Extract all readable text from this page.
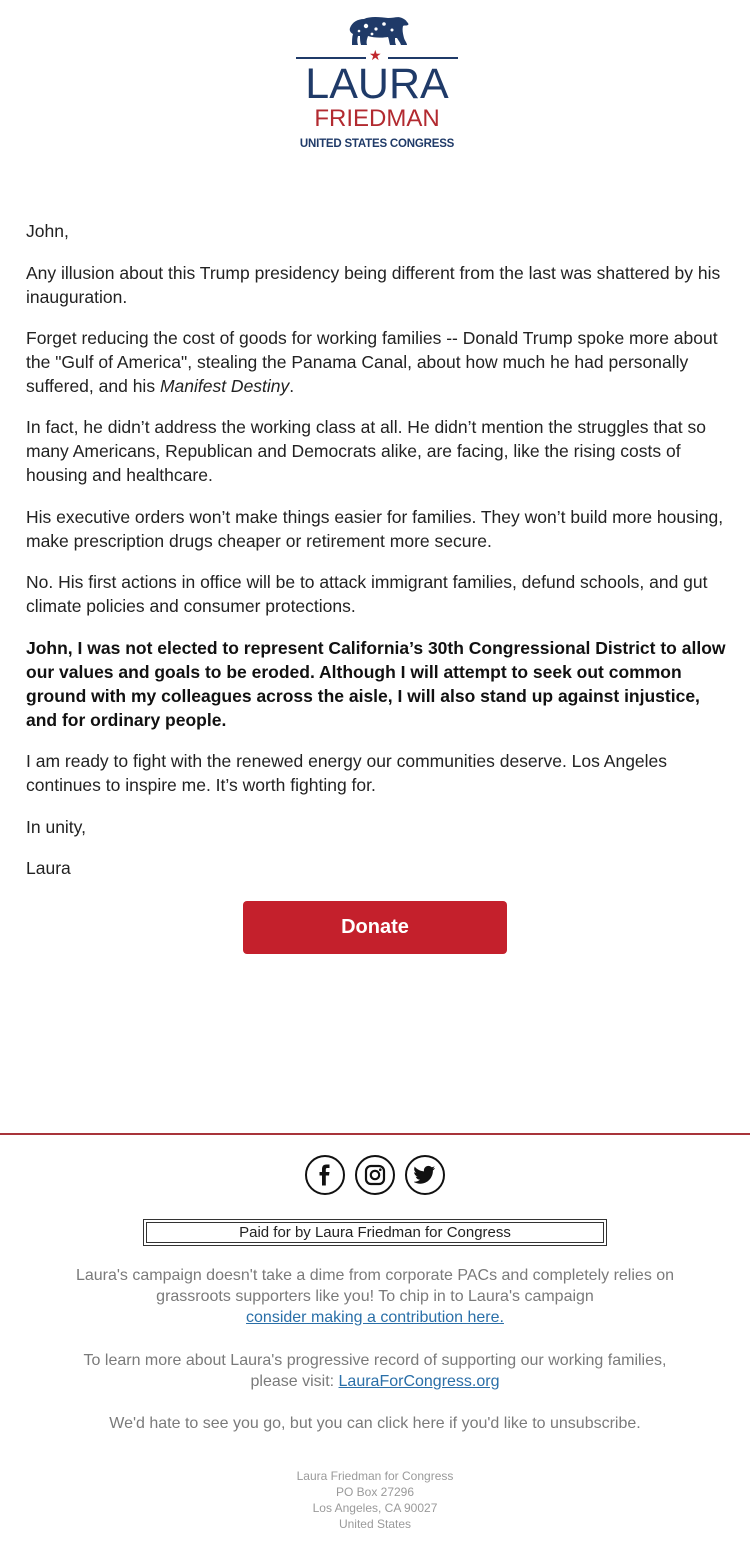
★
LAURA
FRIEDMAN
UNITED STATES CONGRESS
John,
Any illusion about this Trump presidency being different from the last was shattered by his inauguration.
Forget reducing the cost of goods for working families -- Donald Trump spoke more about the "Gulf of America", stealing the Panama Canal, about how much he had personally suffered, and his Manifest Destiny.
In fact, he didn’t address the working class at all. He didn’t mention the struggles that so many Americans, Republican and Democrats alike, are facing, like the rising costs of housing and healthcare.
His executive orders won’t make things easier for families. They won’t build more housing, make prescription drugs cheaper or retirement more secure.
No. His first actions in office will be to attack immigrant families, defund schools, and gut climate policies and consumer protections.
John, I was not elected to represent California’s 30th Congressional District to allow our values and goals to be eroded. Although I will attempt to seek out common ground with my colleagues across the aisle, I will also stand up against injustice, and for ordinary people.
I am ready to fight with the renewed energy our communities deserve. Los Angeles continues to inspire me. It’s worth fighting for.
In unity,
Laura
Donate
Paid for by Laura Friedman for Congress
Laura's campaign doesn't take a dime from corporate PACs and completely relies on grassroots supporters like you! To chip in to Laura's campaign
consider making a contribution here.
To learn more about Laura's progressive record of supporting our working families, please visit: LauraForCongress.org
We'd hate to see you go, but you can click here if you'd like to unsubscribe.
Laura Friedman for Congress
PO Box 27296
Los Angeles, CA 90027
United States
